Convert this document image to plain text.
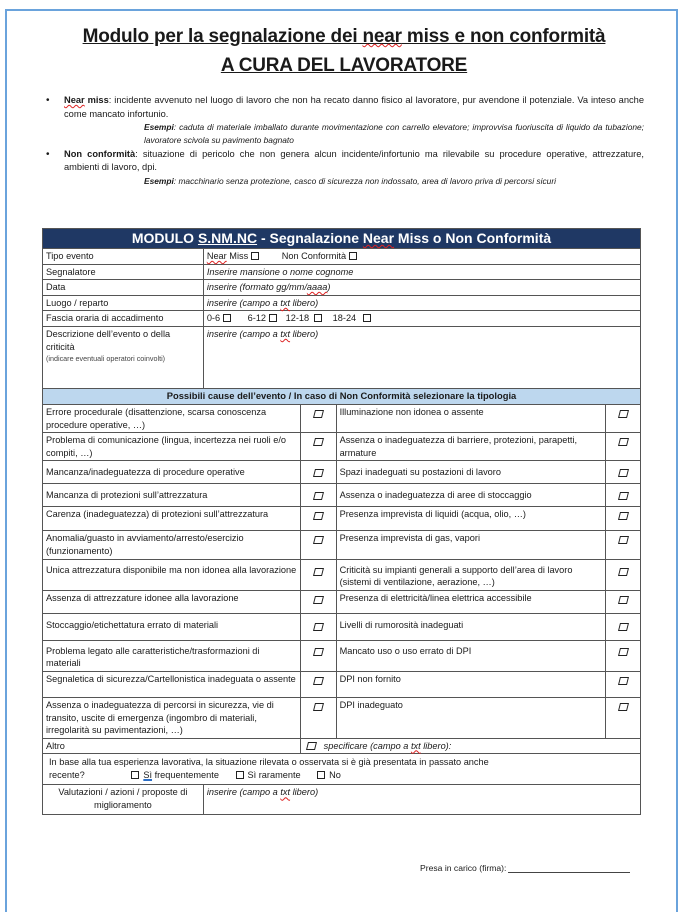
Modulo per la segnalazione dei near miss e non conformità
A CURA DEL LAVORATORE
• Near miss: incidente avvenuto nel luogo di lavoro che non ha recato danno fisico al lavoratore, pur avendone il potenziale. Va inteso anche come mancato infortunio.
Esempi: caduta di materiale imballato durante movimentazione con carrello elevatore; improvvisa fuoriuscita di liquido da tubazione; lavoratore scivola su pavimento bagnato
• Non conformità: situazione di pericolo che non genera alcun incidente/infortunio ma rilevabile su procedure operative, attrezzature, ambienti di lavoro, dpi.
Esempi: macchinario senza protezione, casco di sicurezza non indossato, area di lavoro priva di percorsi sicuri
MODULO S.NM.NC - Segnalazione Near Miss o Non Conformità				
Tipo evento	Near Miss Non Conformità			
Segnalatore	Inserire mansione o nome cognome			
Data	inserire (formato gg/mm/aaaa)			
Luogo / reparto	inserire (campo a txt libero)			
Fascia oraria di accadimento	0-6 6-12 12-18 18-24			
Descrizione dell’evento o della criticità
(indicare eventuali operatori coinvolti)	inserire (campo a txt libero)			
Possibili cause dell’evento / In caso di Non Conformità selezionare la tipologia				
Errore procedurale (disattenzione, scarsa conoscenza procedure operative, …)			Illuminazione non idonea o assente	
Problema di comunicazione (lingua, incertezza nei ruoli e/o compiti, …)			Assenza o inadeguatezza di barriere, protezioni, parapetti, armature	
Mancanza/inadeguatezza di procedure operative			Spazi inadeguati su postazioni di lavoro	
Mancanza di protezioni sull’attrezzatura			Assenza o inadeguatezza di aree di stoccaggio	
Carenza (inadeguatezza) di protezioni sull’attrezzatura			Presenza imprevista di liquidi (acqua, olio, …)	
Anomalia/guasto in avviamento/arresto/esercizio (funzionamento)			Presenza imprevista di gas, vapori	
Unica attrezzatura disponibile ma non idonea alla lavorazione			Criticità su impianti generali a supporto dell’area di lavoro (sistemi di ventilazione, aerazione, …)	
Assenza di attrezzature idonee alla lavorazione			Presenza di elettricità/linea elettrica accessibile	
Stoccaggio/etichettatura errato di materiali			Livelli di rumorosità inadeguati	
Problema legato alle caratteristiche/trasformazioni di materiali			Mancato uso o uso errato di DPI	
Segnaletica di sicurezza/Cartellonistica inadeguata o assente			DPI non fornito	
Assenza o inadeguatezza di percorsi in sicurezza, vie di transito, uscite di emergenza (ingombro di materiali, irregolarità su pavimentazioni, …)			DPI inadeguato	
Altro		specificare (campo a txt libero):		

In base alla tua esperienza lavorativa, la situazione rilevata o osservata si è già presentata in passato anche
recente? Sì frequentemente Sì raramente No				

Valutazioni / azioni / proposte di miglioramento	inserire (campo a txt libero)			
Presa in carico (firma):
